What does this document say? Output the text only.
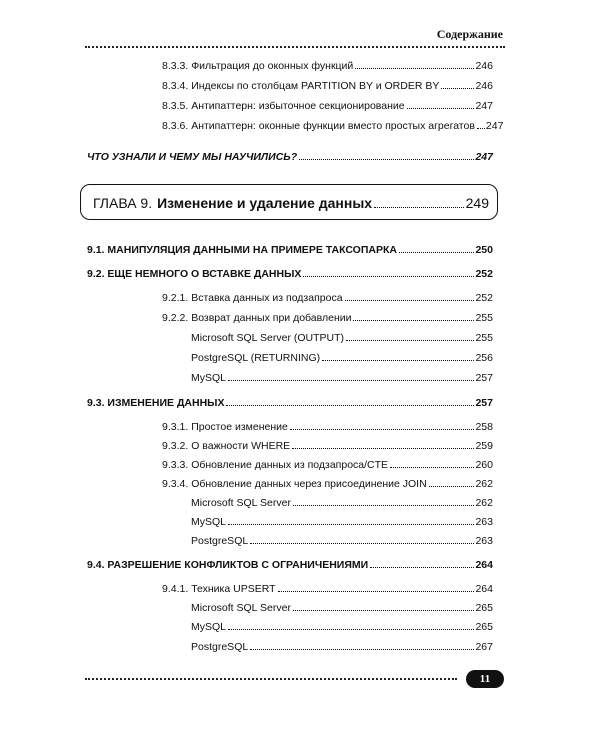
Содержание
8.3.3. Фильтрация до оконных функций	246
8.3.4. Индексы по столбцам PARTITION BY и ORDER BY	246
8.3.5. Антипаттерн: избыточное секционирование	247
8.3.6. Антипаттерн: оконные функции вместо простых агрегатов 247
ЧТО УЗНАЛИ И ЧЕМУ МЫ НАУЧИЛИСЬ?	247
ГЛАВА 9. Изменение и удаление данных	249
9.1. МАНИПУЛЯЦИЯ ДАННЫМИ НА ПРИМЕРЕ ТАКСОПАРКА	250
9.2. ЕЩЕ НЕМНОГО О ВСТАВКЕ ДАННЫХ	252
9.2.1. Вставка данных из подзапроса	252
9.2.2. Возврат данных при добавлении	255
Microsoft SQL Server (OUTPUT)	255
PostgreSQL (RETURNING)	256
MySQL	257
9.3. ИЗМЕНЕНИЕ ДАННЫХ	257
9.3.1. Простое изменение	258
9.3.2. О важности WHERE	259
9.3.3. Обновление данных из подзапроса/CTE	260
9.3.4. Обновление данных через присоединение JOIN	262
Microsoft SQL Server	262
MySQL	263
PostgreSQL	263
9.4. РАЗРЕШЕНИЕ КОНФЛИКТОВ С ОГРАНИЧЕНИЯМИ	264
9.4.1. Техника UPSERT	264
Microsoft SQL Server	265
MySQL	265
PostgreSQL	267
11
